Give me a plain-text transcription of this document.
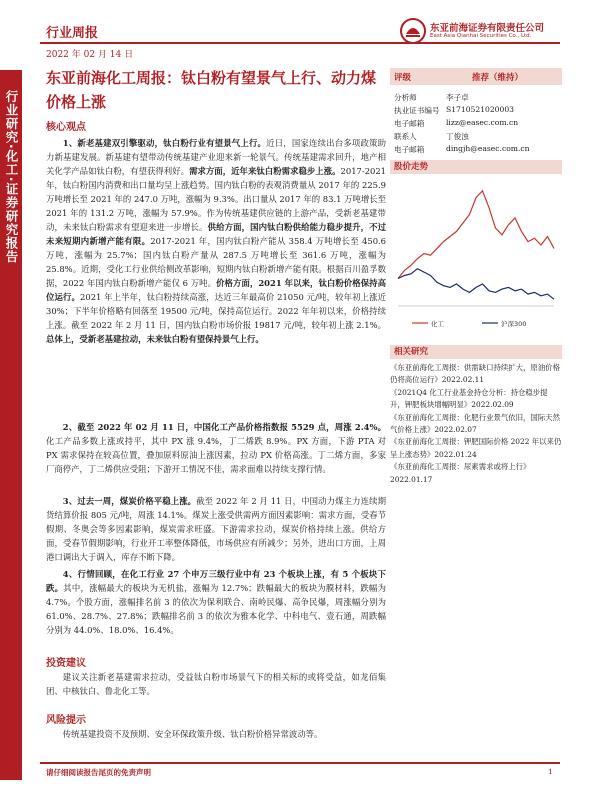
行业周报	东亚前海证券有限责任公司
East Asia Qianhai Securities Co., Ltd.
2022 年 02 月 14 日
行业研究·化工·证券研究报告
东亚前海化工周报：钛白粉有望景气上行、动力煤价格上涨
核心观点
1、新老基建双引擎驱动，钛白粉行业有望景气上行。近日，国家连续出台多项政策助力新基建发展。新基建有望带动传统基建产业迎来新一轮景气。传统基建需求回升，地产相关化学产品如钛白粉，有望获得利好。需求方面，近年来钛白粉需求稳步上涨。2017-2021 年，钛白粉国内消费和出口量均呈上涨趋势。国内钛白粉的表观消费量从 2017 年的 225.9 万吨增长至 2021 年的 247.0 万吨，涨幅为 9.3%。出口量从 2017 年的 83.1 万吨增长至 2021 年的 131.2 万吨，涨幅为 57.9%。作为传统基建供应链的上游产品，受新老基建带动，未来钛白粉需求有望迎来进一步增长。供给方面，国内钛白粉供给能力稳步提升，不过未来短期内新增产能有限。2017-2021 年，国内钛白粉产能从 358.4 万吨增长至 450.6 万吨，涨幅为 25.7%；国内钛白粉产量从 287.5 万吨增长至 361.6 万吨，涨幅为 25.8%。近期，受化工行业供给侧改革影响，短期内钛白粉新增产能有限。根据百川盈孚数据，2022 年国内钛白粉新增产能仅 6 万吨。价格方面，2021 年以来，钛白粉价格保持高位运行。2021 年上半年，钛白粉持续高涨，达近三年最高价 21050 元/吨，较年初上涨近 30%；下半年价格略有回落至 19500 元/吨，保持高位运行。2022 年年初以来，价格持续上涨。截至 2022 年 2 月 11 日，国内钛白粉市场价报 19817 元/吨，较年初上涨 2.1%。总体上，受新老基建拉动，未来钛白粉有望保持景气上行。
2、截至 2022 年 02 月 11 日，中国化工产品价格指数报 5529 点，周涨 2.4%。化工产品多数上涨或持平，其中 PX 涨 9.4%，丁二烯跌 8.9%。PX 方面，下游 PTA 对 PX 需求保持在较高位置，叠加原料原油上涨因素，拉动 PX 价格高涨。丁二烯方面，多家厂商停产，丁二烯供应受阻；下游开工情况不佳，需求面难以持续支撑行情。
3、过去一周，煤炭价格平稳上涨。截至 2022 年 2 月 11 日，中国动力煤主力连续期货结算价报 805 元/吨，周涨 14.1%。煤炭上涨受供需两方面因素影响：需求方面，受春节假期、冬奥会等多因素影响，煤炭需求旺盛。下游需求拉动，煤炭价格持续上涨。供给方面，受春节假期影响，行业开工率整体降低，市场供应有所减少；另外，进出口方面，上周港口调出大于调入，库存不断下降。
4、行情回顾，在化工行业 27 个申万三级行业中有 23 个板块上涨，有 5 个板块下跌。其中，涨幅最大的板块为无机盐，涨幅为 12.7%；跌幅最大的板块为膜材料，跌幅为 4.7%。个股方面，涨幅排名前 3 的依次为保利联合、南岭民爆、高争民爆，周涨幅分别为 61.0%、28.7%、27.8%；跌幅排名前 3 的依次为雅本化学、中科电气、壹石通，周跌幅分别为 44.0%、18.0%、16.4%。
投资建议
建议关注新老基建需求拉动，受益钛白粉市场景气下的相关标的或将受益，如龙佰集团、中核钛白、鲁北化工等。
风险提示
传统基建投资不及预期、安全环保政策升级、钛白粉价格异常波动等。
评级	推荐（维持）
分析师	李子卓
执业证书编号 S1710521020003
电子邮箱	lizz@easec.com.cn
联系人	丁俊浊
电子邮箱	dingjh@easec.com.cn
股价走势
化工	沪深300
相关研究
《东亚前海化工周报：供需缺口持续扩大，原油价格仍将高位运行》2022.02.11
《2021Q4 化工行业基金持仓分析：持仓稳步提升，钾肥板块增幅明显》2022.02.09
《东亚前海化工周报：化肥行业景气依旧，国际天然气价格上涨》2022.02.07
《东亚前海化工周报：钾肥国际价格 2022 年以来仍呈上涨态势》2022.01.24
《东亚前海化工周报：尿素需求或将上行》2022.01.17
请仔细阅读报告尾页的免责声明	1
